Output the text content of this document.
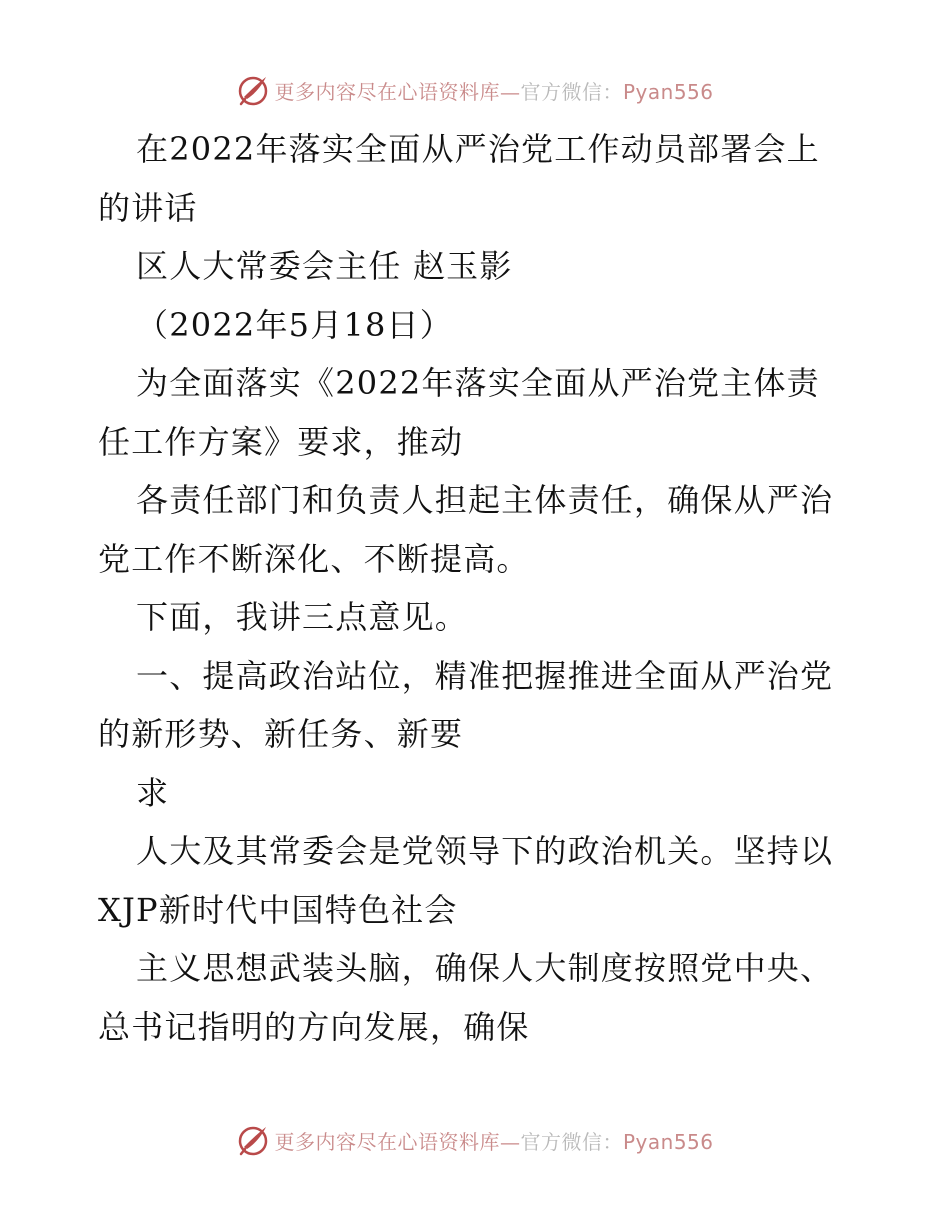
更多内容尽在心语资料库—官方微信：Pyan556
在2022年落实全面从严治党工作动员部署会上
的讲话
区人大常委会主任 赵玉影
（2022年5月18日）
为全面落实《2022年落实全面从严治党主体责
任工作方案》要求，推动
各责任部门和负责人担起主体责任，确保从严治
党工作不断深化、不断提高。
下面，我讲三点意见。
一、提高政治站位，精准把握推进全面从严治党
的新形势、新任务、新要
求
人大及其常委会是党领导下的政治机关。坚持以
XJP新时代中国特色社会
主义思想武装头脑，确保人大制度按照党中央、
总书记指明的方向发展，确保
更多内容尽在心语资料库—官方微信：Pyan556
